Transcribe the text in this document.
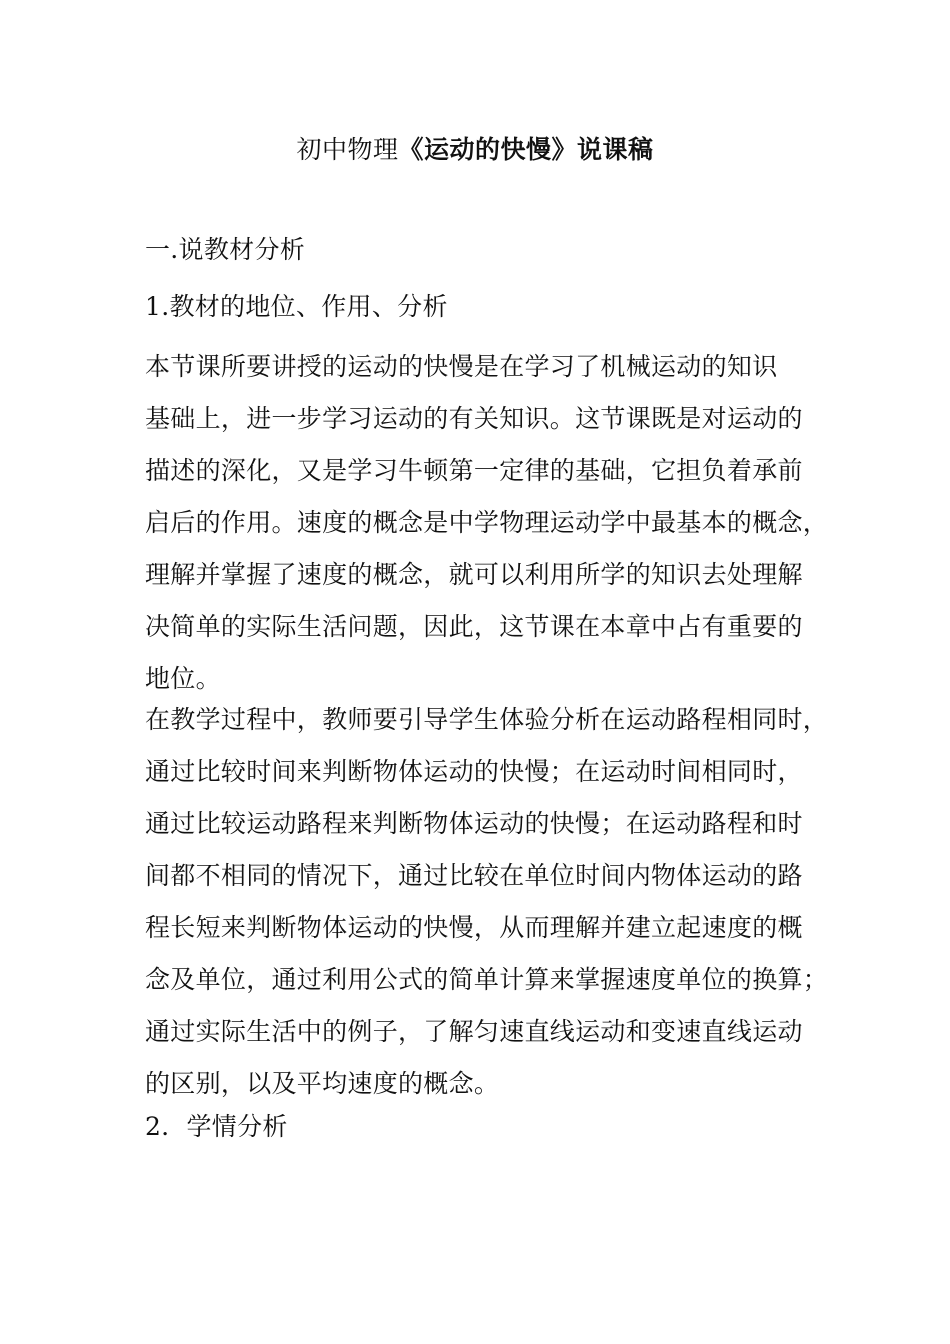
初中物理《运动的快慢》说课稿
一.说教材分析
1.教材的地位、作用、分析
本节课所要讲授的运动的快慢是在学习了机械运动的知识
基础上，进一步学习运动的有关知识。这节课既是对运动的
描述的深化，又是学习牛顿第一定律的基础，它担负着承前
启后的作用。速度的概念是中学物理运动学中最基本的概念，
理解并掌握了速度的概念，就可以利用所学的知识去处理解
决简单的实际生活问题，因此，这节课在本章中占有重要的
地位。
在教学过程中，教师要引导学生体验分析在运动路程相同时，
通过比较时间来判断物体运动的快慢；在运动时间相同时，
通过比较运动路程来判断物体运动的快慢；在运动路程和时
间都不相同的情况下，通过比较在单位时间内物体运动的路
程长短来判断物体运动的快慢，从而理解并建立起速度的概
念及单位，通过利用公式的简单计算来掌握速度单位的换算；
通过实际生活中的例子，了解匀速直线运动和变速直线运动
的区别，以及平均速度的概念。
2．学情分析
